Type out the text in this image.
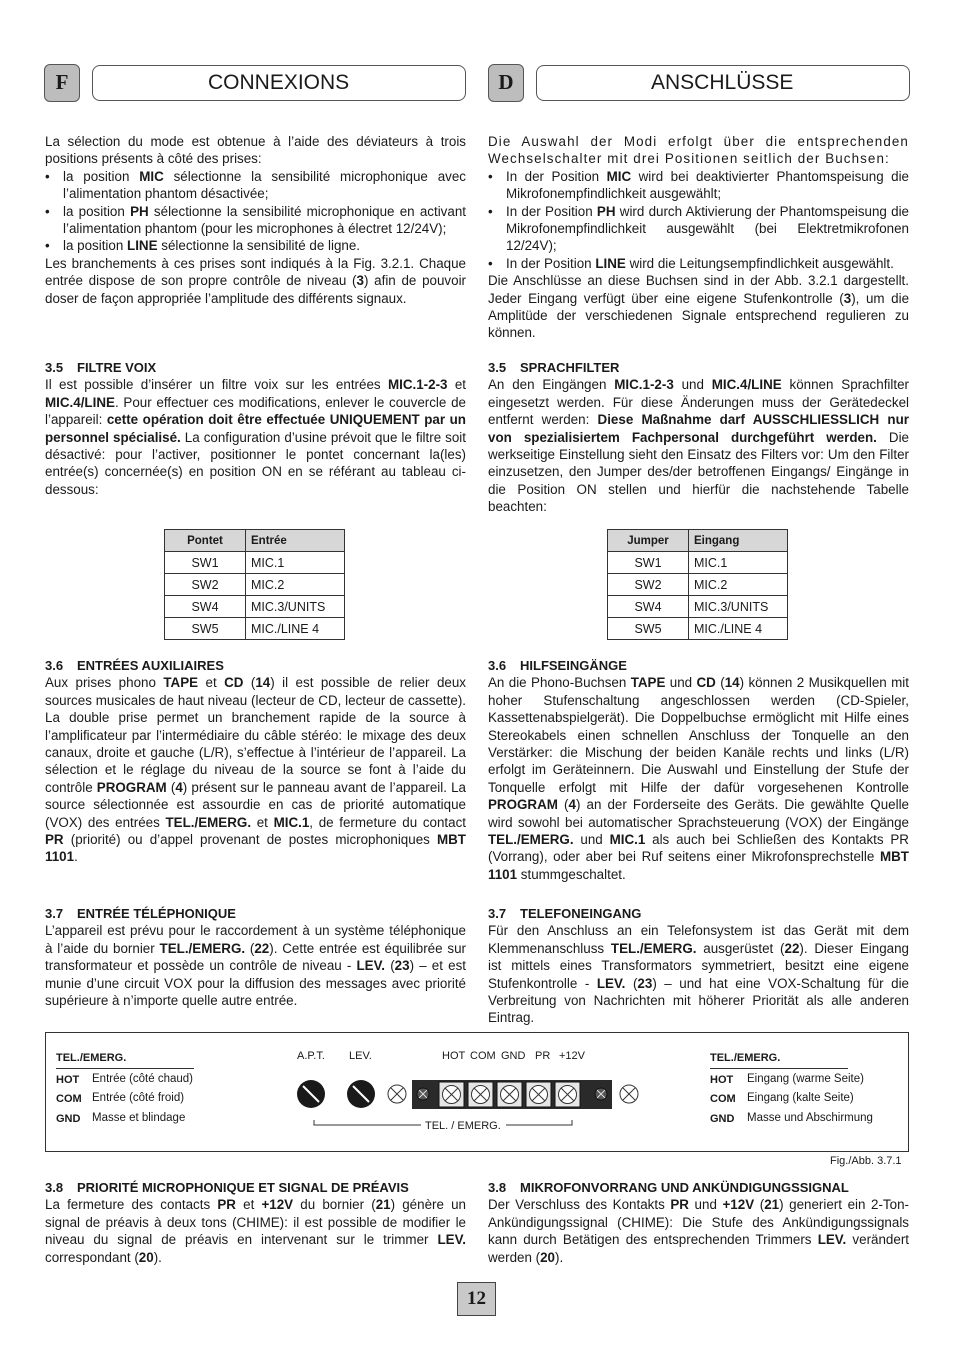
F	CONNEXIONS	D	ANSCHLÜSSE

La sélection du mode est obtenue à l’aide des déviateurs à trois positions présents à côté des prises:

• la position MIC sélectionne la sensibilité microphonique avec l’alimentation phantom désactivée;
• la position PH sélectionne la sensibilité microphonique en activant l’alimentation phantom (pour les microphones à électret 12/24V);
• la position LINE sélectionne la sensibilité de ligne.

Les branchements à ces prises sont indiqués à la Fig. 3.2.1. Chaque entrée dispose de son propre contrôle de niveau (3) afin de pouvoir doser de façon appropriée l’amplitude des différents signaux.

3.5 FILTRE VOIX

Il est possible d’insérer un filtre voix sur les entrées MIC.1-2-3 et MIC.4/LINE. Pour effectuer ces modifications, enlever le couvercle de l’appareil: cette opération doit être effectuée UNIQUEMENT par un personnel spécialisé. La configuration d’usine prévoit que le filtre soit désactivé: pour l’activer, positionner le pontet concernant la(les) entrée(s) concernée(s) en position ON en se référant au tableau ci-dessous:

Pontet	Entrée
SW1	MIC.1
SW2	MIC.2
SW4	MIC.3/UNITS
SW5	MIC./LINE 4

3.6 ENTRÉES AUXILIAIRES

Aux prises phono TAPE et CD (14) il est possible de relier deux sources musicales de haut niveau (lecteur de CD, lecteur de cassette). La double prise permet un branchement rapide de la source à l’amplificateur par l’intermédiaire du câble stéréo: le mixage des deux canaux, droite et gauche (L/R), s’effectue à l’intérieur de l’appareil. La sélection et le réglage du niveau de la source se font à l’aide du contrôle PROGRAM (4) présent sur le panneau avant de l’appareil. La source sélectionnée est assourdie en cas de priorité automatique (VOX) des entrées TEL./EMERG. et MIC.1, de fermeture du contact PR (priorité) ou d’appel provenant de postes microphoniques MBT 1101.

3.7 ENTRÉE TÉLÉPHONIQUE

L’appareil est prévu pour le raccordement à un système téléphonique à l’aide du bornier TEL./EMERG. (22). Cette entrée est équilibrée sur transformateur et possède un contrôle de niveau - LEV. (23) – et est munie d’une circuit VOX pour la diffusion des messages avec priorité supérieure à n’importe quelle autre entrée.

3.8 PRIORITÉ MICROPHONIQUE ET SIGNAL DE PRÉAVIS

La fermeture des contacts PR et +12V du bornier (21) génère un signal de préavis à deux tons (CHIME): il est possible de modifier le niveau du signal de préavis en intervenant sur le trimmer LEV. correspondant (20).

Die Auswahl der Modi erfolgt über die entsprechenden Wechselschalter mit drei Positionen seitlich der Buchsen:

• In der Position MIC wird bei deaktivierter Phantomspeisung die Mikrofonempfindlichkeit ausgewählt;
• In der Position PH wird durch Aktivierung der Phantomspeisung die Mikrofonempfindlichkeit ausgewählt (bei Elektretmikrofonen 12/24V);
• In der Position LINE wird die Leitungsempfindlichkeit ausgewählt.

Die Anschlüsse an diese Buchsen sind in der Abb. 3.2.1 dargestellt. Jeder Eingang verfügt über eine eigene Stufenkontrolle (3), um die Amplitüde der verschiedenen Signale entsprechend regulieren zu können.

3.5 SPRACHFILTER

An den Eingängen MIC.1-2-3 und MIC.4/LINE können Sprachfilter eingesetzt werden. Für diese Änderungen muss der Gerätedeckel entfernt werden: Diese Maßnahme darf AUSSCHLIESSLICH nur von spezialisiertem Fachpersonal durchgeführt werden. Die werkseitige Einstellung sieht den Einsatz des Filters vor: Um den Filter einzusetzen, den Jumper des/der betroffenen Eingangs/ Eingänge in die Position ON stellen und hierfür die nachstehende Tabelle beachten:

Jumper	Eingang
SW1	MIC.1
SW2	MIC.2
SW4	MIC.3/UNITS
SW5	MIC./LINE 4

3.6 HILFSEINGÄNGE

An die Phono-Buchsen TAPE und CD (14) können 2 Musikquellen mit hoher Stufenschaltung angeschlossen werden (CD-Spieler, Kassettenabspielgerät). Die Doppelbuchse ermöglicht mit Hilfe eines Stereokabels einen schnellen Anschluss der Tonquelle an den Verstärker: die Mischung der beiden Kanäle rechts und links (L/R) erfolgt im Geräteinnern. Die Auswahl und Einstellung der Stufe der Tonquelle erfolgt mit Hilfe der dafür vorgesehenen Kontrolle PROGRAM (4) an der Forderseite des Geräts. Die gewählte Quelle wird sowohl bei automatischer Sprachsteuerung (VOX) der Eingänge TEL./EMERG. und MIC.1 als auch bei Schließen des Kontakts PR (Vorrang), oder aber bei Ruf seitens einer Mikrofonsprechstelle MBT 1101 stummgeschaltet.

3.7 TELEFONEINGANG

Für den Anschluss an ein Telefonsystem ist das Gerät mit dem Klemmenanschluss TEL./EMERG. ausgerüstet (22). Dieser Eingang ist mittels eines Transformators symmetriert, besitzt eine eigene Stufenkontrolle - LEV. (23) – und hat eine VOX-Schaltung für die Verbreitung von Nachrichten mit höherer Priorität als alle anderen Eintrag.

3.8 MIKROFONVORRANG UND ANKÜNDIGUNGSSIGNAL

Der Verschluss des Kontakts PR und +12V (21) generiert ein 2-Ton-Ankündigungssignal (CHIME): Die Stufe des Ankündigungssignals kann durch Betätigen des entsprechenden Trimmers LEV. verändert werden (20).

TEL./EMERG.
HOT Entrée (côté chaud)
COM Entrée (côté froid)
GND Masse et blindage
TEL./EMERG.
HOT Eingang (warme Seite)
COM Eingang (kalte Seite)
GND Masse und Abschirmung
A.P.T. LEV.	HOT COM GND PR +12V
TEL. / EMERG.
Fig./Abb. 3.7.1
12
